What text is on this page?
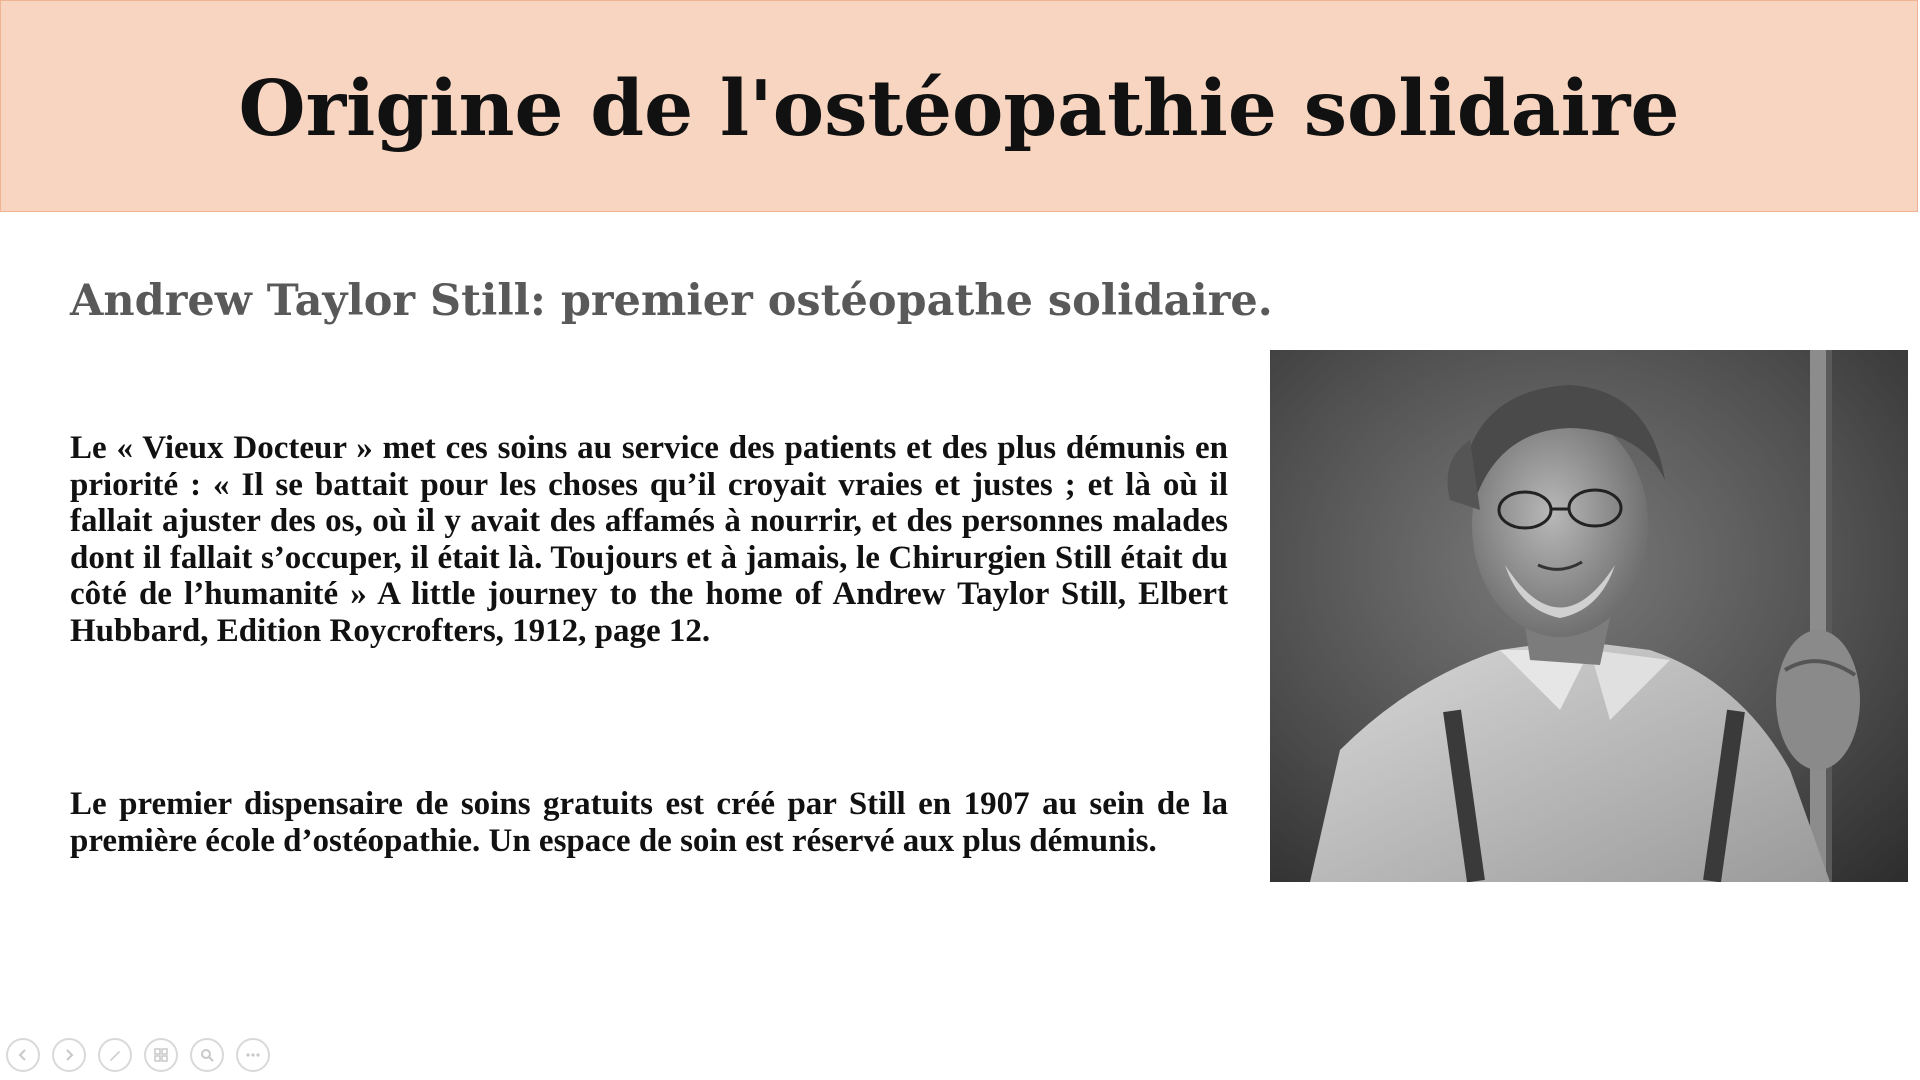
Origine de l'ostéopathie solidaire
Andrew Taylor Still: premier ostéopathe solidaire.

Le « Vieux Docteur » met ces soins au service des patients et des plus démunis en priorité : « Il se battait pour les choses qu’il croyait vraies et justes ; et là où il fallait ajuster des os, où il y avait des affamés à nourrir, et des personnes malades dont il fallait s’occuper, il était là. Toujours et à jamais, le Chirurgien Still était du côté de l’humanité » A little journey to the home of Andrew Taylor Still, Elbert Hubbard, Edition Roycrofters, 1912, page 12.

Le premier dispensaire de soins gratuits est créé par Still en 1907 au sein de la première école d’ostéopathie. Un espace de soin est réservé aux plus démunis.
